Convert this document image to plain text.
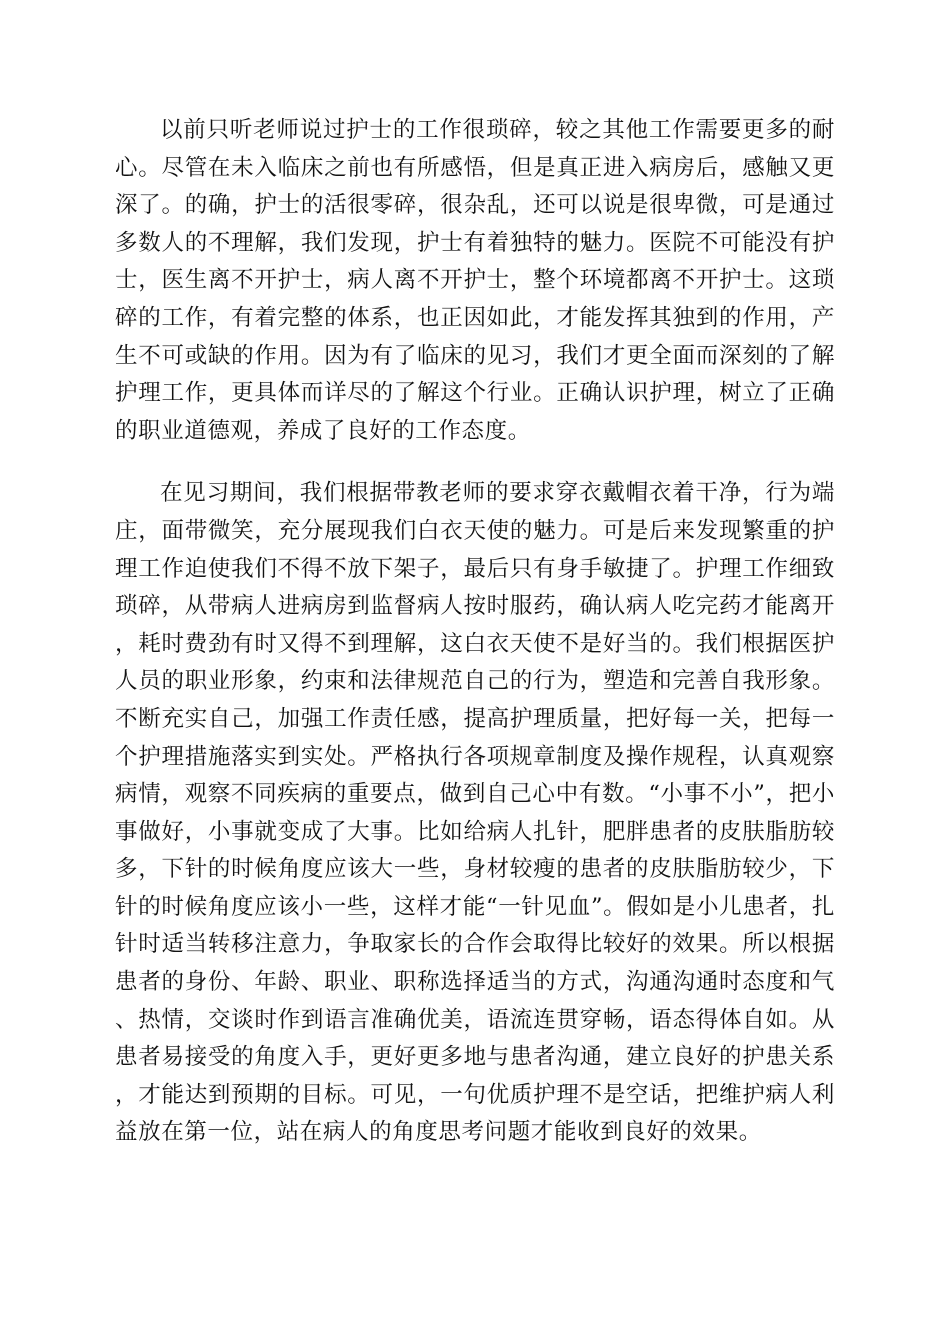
以前只听老师说过护士的工作很琐碎，较之其他工作需要更多的耐心。尽管在未入临床之前也有所感悟，但是真正进入病房后，感触又更深了。的确，护士的活很零碎，很杂乱，还可以说是很卑微，可是通过多数人的不理解，我们发现，护士有着独特的魅力。医院不可能没有护士，医生离不开护士，病人离不开护士，整个环境都离不开护士。这琐碎的工作，有着完整的体系，也正因如此，才能发挥其独到的作用，产生不可或缺的作用。因为有了临床的见习，我们才更全面而深刻的了解护理工作，更具体而详尽的了解这个行业。正确认识护理，树立了正确的职业道德观，养成了良好的工作态度。

在见习期间，我们根据带教老师的要求穿衣戴帽衣着干净，行为端庄，面带微笑，充分展现我们白衣天使的魅力。可是后来发现繁重的护理工作迫使我们不得不放下架子，最后只有身手敏捷了。护理工作细致琐碎，从带病人进病房到监督病人按时服药，确认病人吃完药才能离开，耗时费劲有时又得不到理解，这白衣天使不是好当的。我们根据医护人员的职业形象，约束和法律规范自己的行为，塑造和完善自我形象。不断充实自己，加强工作责任感，提高护理质量，把好每一关，把每一个护理措施落实到实处。严格执行各项规章制度及操作规程，认真观察病情，观察不同疾病的重要点，做到自己心中有数。“小事不小”，把小事做好，小事就变成了大事。比如给病人扎针，肥胖患者的皮肤脂肪较多，下针的时候角度应该大一些，身材较瘦的患者的皮肤脂肪较少，下针的时候角度应该小一些，这样才能“一针见血”。假如是小儿患者，扎针时适当转移注意力，争取家长的合作会取得比较好的效果。所以根据患者的身份、年龄、职业、职称选择适当的方式，沟通沟通时态度和气、热情，交谈时作到语言准确优美，语流连贯穿畅，语态得体自如。从患者易接受的角度入手，更好更多地与患者沟通，建立良好的护患关系，才能达到预期的目标。可见，一句优质护理不是空话，把维护病人利益放在第一位，站在病人的角度思考问题才能收到良好的效果。
